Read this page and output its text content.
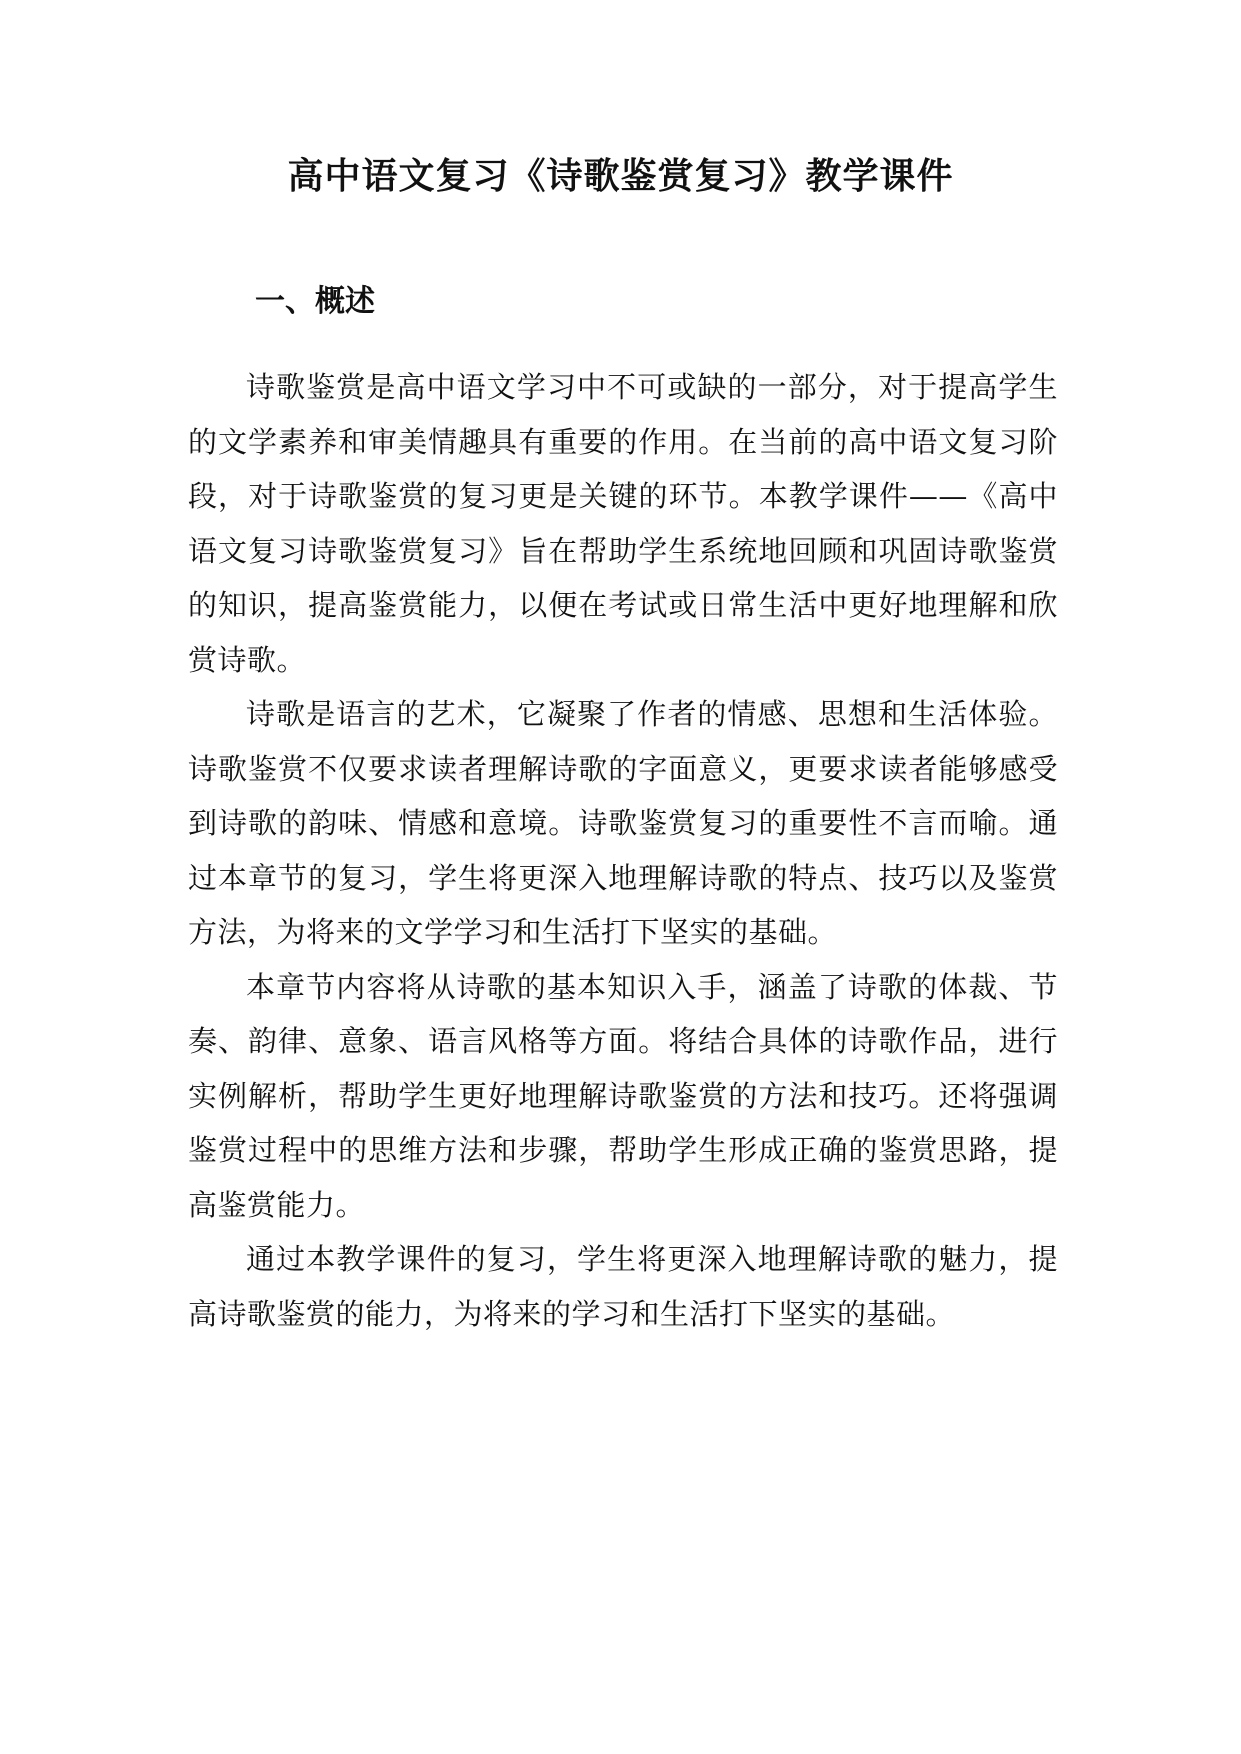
高中语文复习《诗歌鉴赏复习》教学课件
一、概述

诗歌鉴赏是高中语文学习中不可或缺的一部分，对于提高学生的文学素养和审美情趣具有重要的作用。在当前的高中语文复习阶段，对于诗歌鉴赏的复习更是关键的环节。本教学课件——《高中语文复习诗歌鉴赏复习》旨在帮助学生系统地回顾和巩固诗歌鉴赏的知识，提高鉴赏能力，以便在考试或日常生活中更好地理解和欣赏诗歌。

诗歌是语言的艺术，它凝聚了作者的情感、思想和生活体验。诗歌鉴赏不仅要求读者理解诗歌的字面意义，更要求读者能够感受到诗歌的韵味、情感和意境。诗歌鉴赏复习的重要性不言而喻。通过本章节的复习，学生将更深入地理解诗歌的特点、技巧以及鉴赏方法，为将来的文学学习和生活打下坚实的基础。

本章节内容将从诗歌的基本知识入手，涵盖了诗歌的体裁、节奏、韵律、意象、语言风格等方面。将结合具体的诗歌作品，进行实例解析，帮助学生更好地理解诗歌鉴赏的方法和技巧。还将强调鉴赏过程中的思维方法和步骤，帮助学生形成正确的鉴赏思路，提高鉴赏能力。

通过本教学课件的复习，学生将更深入地理解诗歌的魅力，提高诗歌鉴赏的能力，为将来的学习和生活打下坚实的基础。
